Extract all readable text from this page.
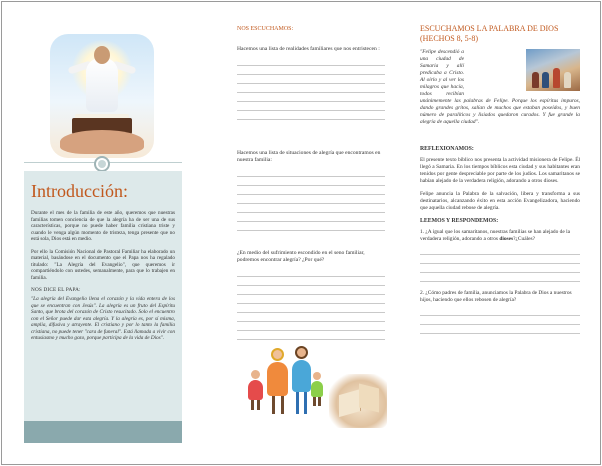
Introducción:

Durante el mes de la familia de este año, queremos que nuestras familias tomen conciencia de que la alegría ha de ser una de sus características, porque no puede haber familia cristiana triste y cuando le venga algún momento de tristeza, tenga presente que no está sola, Dios está en medio.

Por ello la Comisión Nacional de Pastoral Familiar ha elaborado un material, basándose en el documento que el Papa nos ha regalado titulado: "La Alegría del Evangelio", que queremos ir compartiéndolo con ustedes, semanalmente, para que lo trabajen en familia.

NOS DICE EL PAPA:

"La alegría del Evangelio llena el corazón y la vida entera de los que se encuentran con Jesús". La alegría es un fruto del Espíritu Santo, que brota del corazón de Cristo resucitado. Solo el encuentro con el Señor puede dar esta alegría. Y la alegría es, por sí misma, amplia, difusiva y atrayente. El cristiano y por lo tanto la familia cristiana, no puede tener "cara de funeral". Está llamada a vivir con entusiasmo y mucho gozo, porque participa de la vida de Dios".

NOS ESCUCHAMOS:
Hacemos una lista de realidades familiares que nos entristecen :
Hacemos una lista de situaciones de alegría que encontramos en nuestra familia:
¿En medio del sufrimiento escondido en el seno familiar, podremos encontrar alegría? ¿Por qué?
ESCUCHAMOS LA PALABRA DE DIOS (HECHOS 8, 5-8)
"Felipe descendió a una ciudad de Samaria y allí predicaba a Cristo. Al oírlo y al ver los milagros que hacía, todos recibían unánimemente las palabras de Felipe. Porque los espíritus impuros, dando grandes gritos, salían de muchos que estaban poseídos, y buen número de paralíticos y lisiados quedaron curados. Y fue grande la alegría de aquella ciudad".
REFLEXIONAMOS:

El presente texto bíblico nos presenta la actividad misionera de Felipe. Él llegó a Samaria. En los tiempos bíblicos esta ciudad y sus habitantes eran tenidos por gente despreciable por parte de los judíos. Los samaritanos se habían alejado de la verdadera religión, adorando a otros dioses.

Felipe anuncia la Palabra de la salvación, libera y transforma a sus destinatarios, alcanzando éxito en esta acción Evangelizadora, haciendo que aquella ciudad rebose de alegría.

LEEMOS Y RESPONDEMOS:
1. ¿A igual que los samaritanos, nuestras familias se han alejado de la verdadera religión, adorando a otros dioses?¿Cuáles?
2. ¿Cómo padres de familia, anunciamos la Palabra de Dios a nuestros hijos, haciendo que ellos rebosen de alegría?
